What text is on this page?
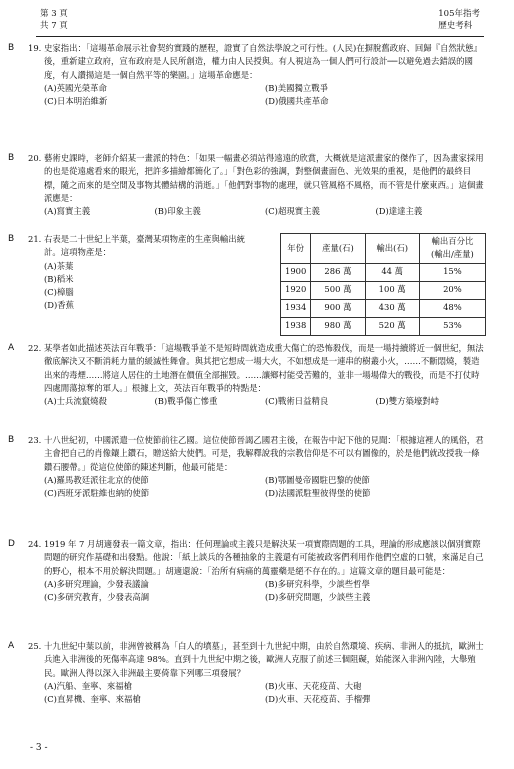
第 3 頁
共 7 頁
105年指考
歷史考科
B 19. 史家指出：「這場革命展示社會契約實踐的歷程，證實了自然法學說之可行性。(人民)在摒脫舊政府、回歸『自然狀態』後，重新建立政府，宣布政府是人民所創造，權力由人民授與。有人視這為一個人們可行設計──以避免過去錯誤的國度，有人讚揚這是一個自然平等的樂園。」這場革命應是：

(A)英國光榮革命	(B)美國獨立戰爭
(C)日本明治維新	(D)俄國共產革命
B 20. 藝術史課時，老師介紹某一畫派的特色：「如果一幅畫必須站得遠遠的欣賞，大概就是這派畫家的傑作了，因為畫家採用的也是從遠處看來的眼光，把許多描繪都簡化了。」「對色彩的強調，對整個畫面色、光效果的重視，是他們的最終目標，隨之而來的是空間及事物其體結構的消逝。」「他們對事物的處理，就只管風格不風格，而不管是什麼東西。」這個畫派應是：

(A)寫實主義	(B)印象主義	(C)超現實主義	(D)達達主義
B 21. 右表是二十世紀上半葉，臺灣某項物產的生產與輸出統計。這項物產是：

(A)茶葉
(B)稻米
(C)樟腦
(D)香蕉
年份	產量(石)	輸出(石)	輸出百分比
(輸出/產量)
1900	286 萬	44 萬	15%
1920	500 萬	100 萬	20%
1934	900 萬	430 萬	48%
1938	980 萬	520 萬	53%
A 22. 某學者如此描述英法百年戰爭：「這場戰爭並不是短時間就造成重大傷亡的恐怖殺伐，而是一場持續將近一個世紀，無法徹底解決又不斷消耗力量的緩滅性舞會。與其把它想成一場大火，不如想成是一連串的樹叢小火，……不斷悶燒，製造出來的毒煙……將這人居住的土地潛在價值全部摧毀。……讓鄉村能受苦難的，並非一場場偉大的戰役，而是不打仗時四處閒蕩掠奪的軍人。」根據上文，英法百年戰爭的特點是：

(A)士兵流竄燒殺	(B)戰爭傷亡慘重	(C)戰術日益精良	(D)雙方築壕對峙
B 23. 十八世紀初，中國派遣一位使節前往乙國。這位使節晉謁乙國君主後，在報告中記下他的見聞：「根據這裡人的風俗，君主會把自己的肖像鑲上鑽石，贈送給大使們。可是，我解釋說我的宗教信仰是不可以有圖像的，於是他們就改授我一條鑽石腰帶。」從這位使節的陳述判斷，他最可能是：

(A)羅馬教廷派往北京的使節	(B)鄂圖曼帝國駐巴黎的使節
(C)西班牙派駐維也納的使節	(D)法國派駐聖彼得堡的使節
D 24. 1919 年 7 月胡適發表一篇文章，指出：任何理論或主義只是解決某一項實際問題的工具，理論的形成應該以個別實際問題的研究作基礎和出發點。他說：「紙上談兵的各種抽象的主義還有可能被政客們利用作他們空虛的口號，來滿足自己的野心，根本不用於解決問題。」胡適還說：「治所有病痛的萬靈藥是絕不存在的。」這篇文章的題目最可能是：

(A)多研究理論，少發表議論	(B)多研究科學，少談些哲學
(C)多研究教育，少發表高調	(D)多研究問題，少談些主義
A 25. 十九世紀中葉以前，非洲曾被稱為「白人的墳墓」，甚至到十九世紀中期，由於自然環境、疾病、非洲人的抵抗，歐洲士兵進入非洲後的死傷率高達 98%。直到十九世紀中期之後，歐洲人克服了前述三個阻礙，始能深入非洲內陸，大舉殖民。歐洲人得以深入非洲最主要倚靠下列哪三項發展？

(A)汽船、奎寧、來福槍	(B)火車、天花疫苗、大砲
(C)直昇機、奎寧、來福槍	(D)火車、天花疫苗、手榴彈
- 3 -
